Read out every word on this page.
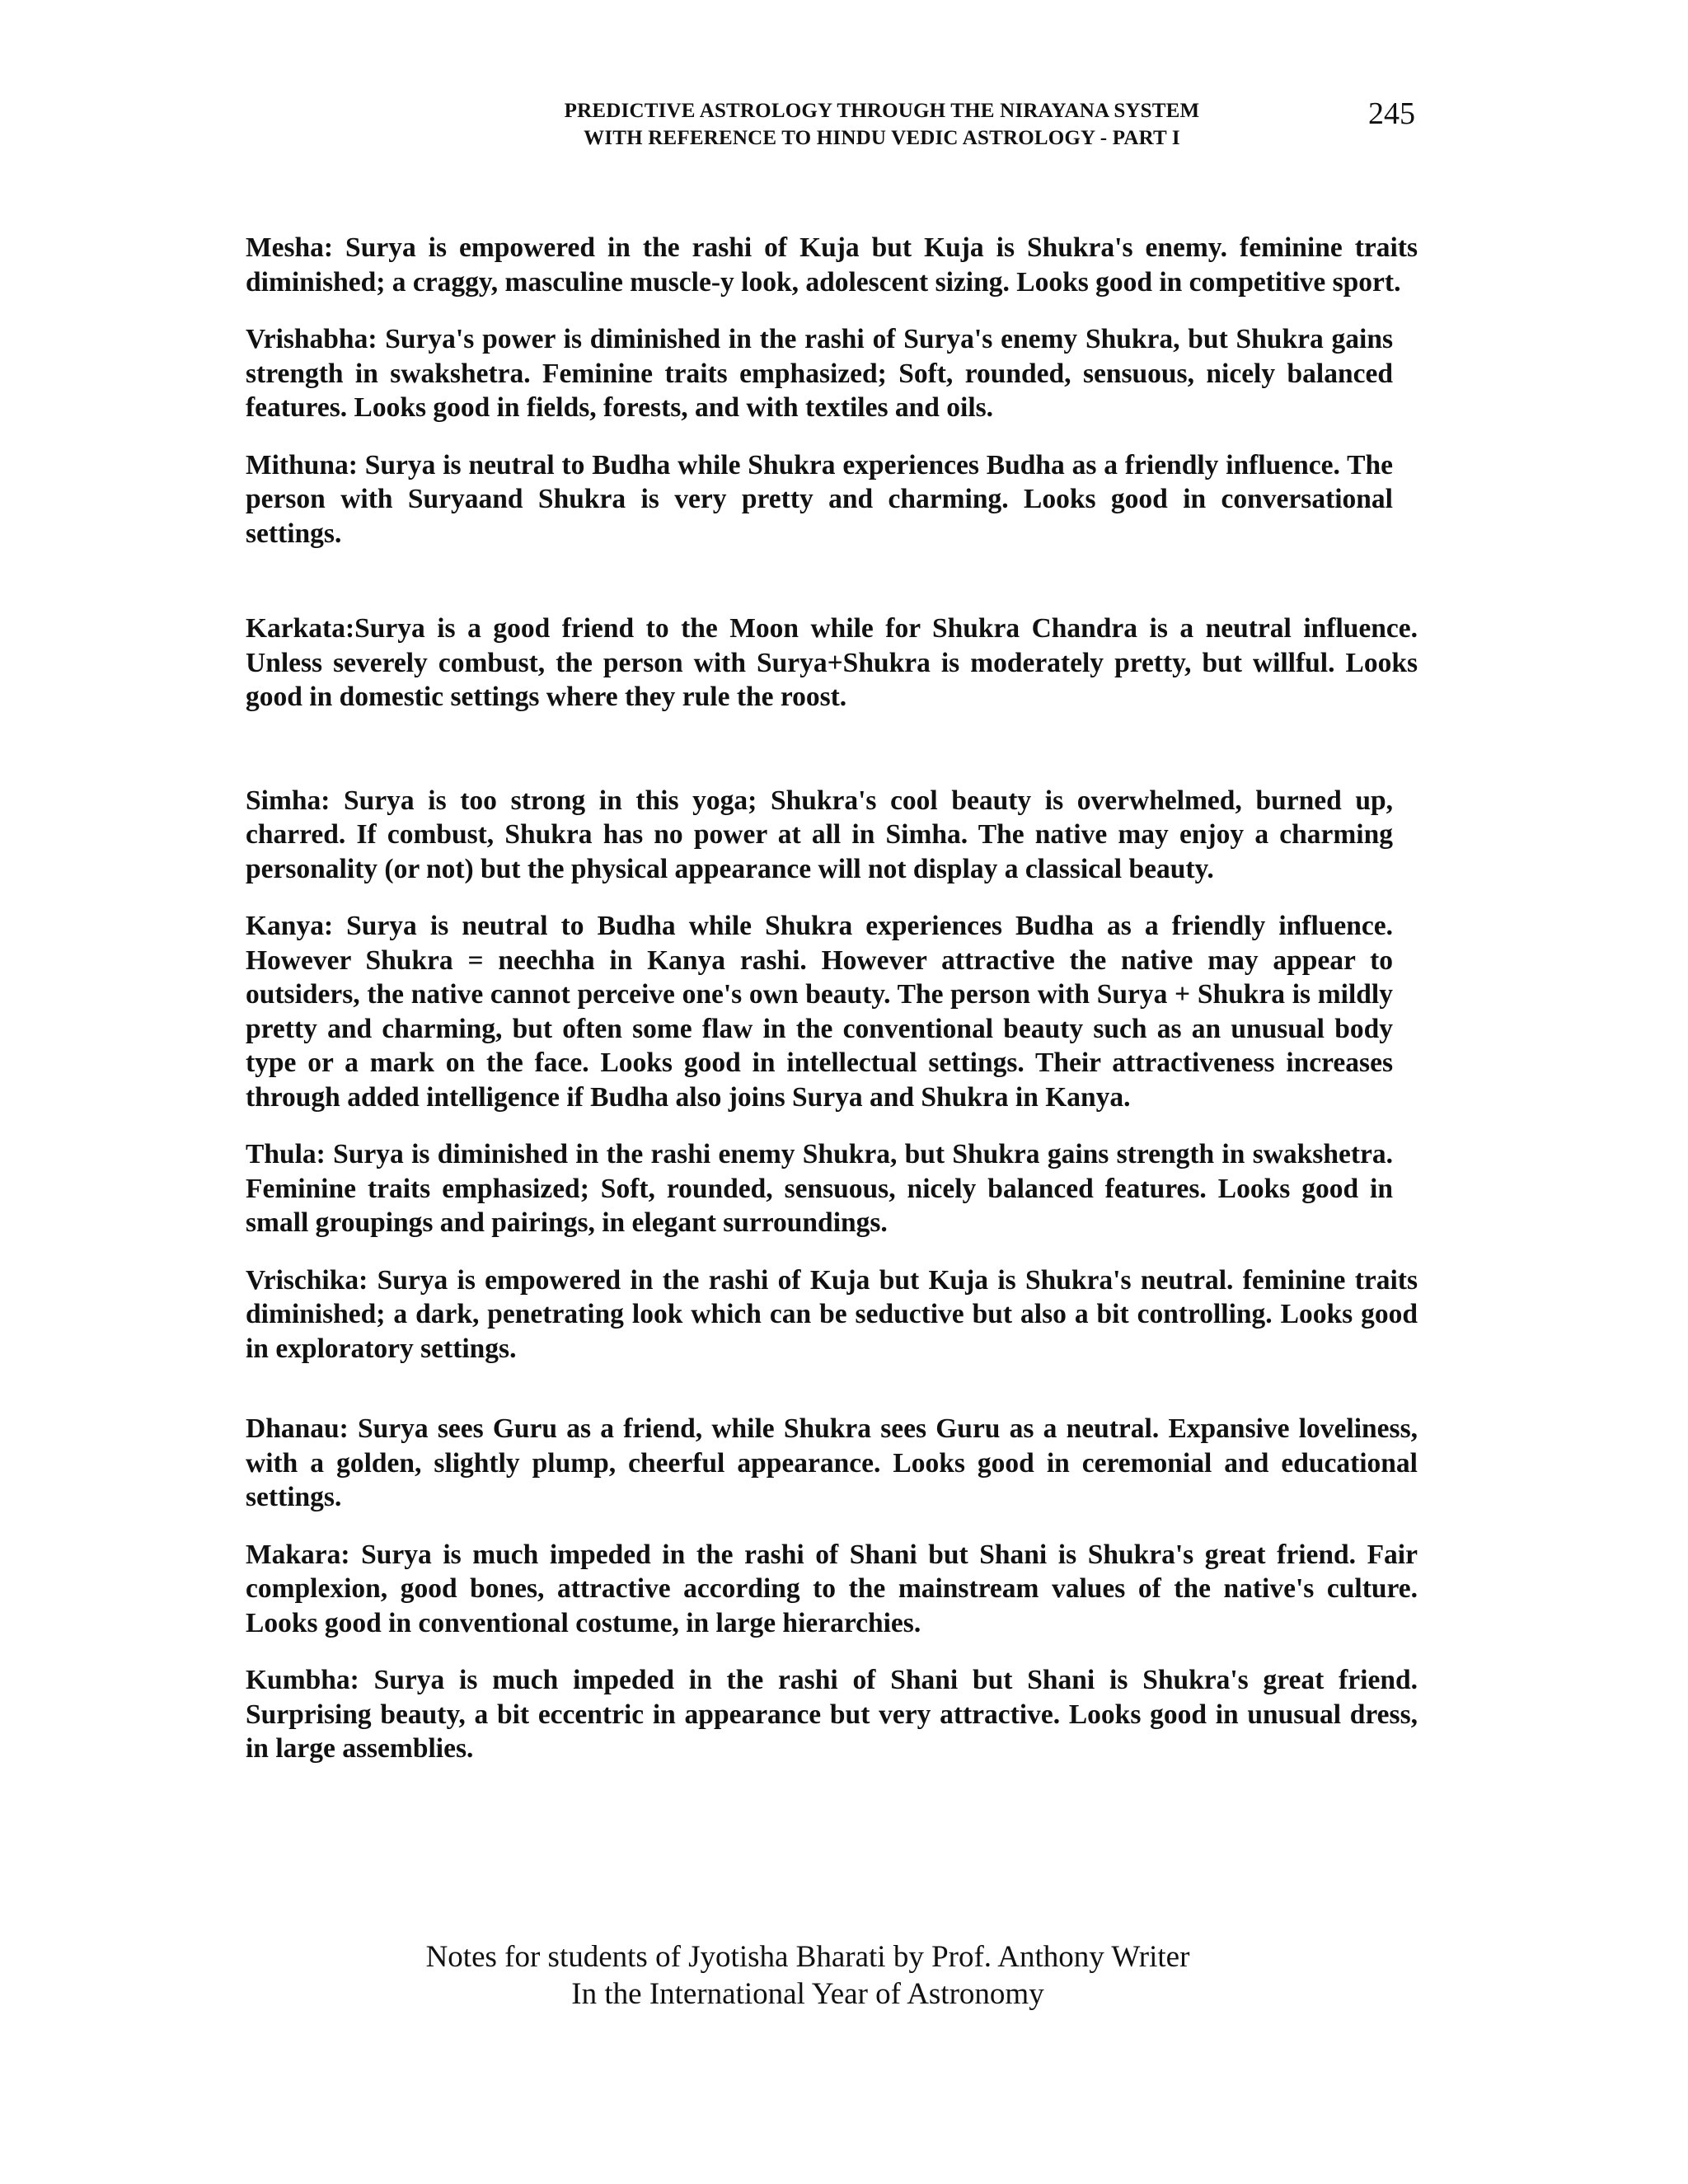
PREDICTIVE ASTROLOGY THROUGH THE NIRAYANA SYSTEM
WITH REFERENCE TO HINDU VEDIC ASTROLOGY - PART I
245

Mesha: Surya is empowered in the rashi of Kuja but Kuja is Shukra's enemy. feminine traits diminished; a craggy, masculine muscle-y look, adolescent sizing. Looks good in competitive sport.

Vrishabha: Surya's power is diminished in the rashi of Surya's enemy Shukra, but Shukra gains strength in swakshetra. Feminine traits emphasized; Soft, rounded, sensuous, nicely balanced features. Looks good in fields, forests, and with textiles and oils.

Mithuna: Surya is neutral to Budha while Shukra experiences Budha as a friendly influence. The person with Suryaand Shukra is very pretty and charming. Looks good in conversational settings.

Karkata:Surya is a good friend to the Moon while for Shukra Chandra is a neutral influence. Unless severely combust, the person with Surya+Shukra is moderately pretty, but willful. Looks good in domestic settings where they rule the roost.

Simha: Surya is too strong in this yoga; Shukra's cool beauty is overwhelmed, burned up, charred. If combust, Shukra has no power at all in Simha. The native may enjoy a charming personality (or not) but the physical appearance will not display a classical beauty.

Kanya: Surya is neutral to Budha while Shukra experiences Budha as a friendly influence. However Shukra = neechha in Kanya rashi. However attractive the native may appear to outsiders, the native cannot perceive one's own beauty. The person with Surya + Shukra is mildly pretty and charming, but often some flaw in the conventional beauty such as an unusual body type or a mark on the face. Looks good in intellectual settings. Their attractiveness increases through added intelligence if Budha also joins Surya and Shukra in Kanya.

Thula: Surya is diminished in the rashi enemy Shukra, but Shukra gains strength in swakshetra. Feminine traits emphasized; Soft, rounded, sensuous, nicely balanced features. Looks good in small groupings and pairings, in elegant surroundings.

Vrischika: Surya is empowered in the rashi of Kuja but Kuja is Shukra's neutral. feminine traits diminished; a dark, penetrating look which can be seductive but also a bit controlling. Looks good in exploratory settings.

Dhanau: Surya sees Guru as a friend, while Shukra sees Guru as a neutral. Expansive loveliness, with a golden, slightly plump, cheerful appearance. Looks good in ceremonial and educational settings.

Makara: Surya is much impeded in the rashi of Shani but Shani is Shukra's great friend. Fair complexion, good bones, attractive according to the mainstream values of the native's culture. Looks good in conventional costume, in large hierarchies.

Kumbha: Surya is much impeded in the rashi of Shani but Shani is Shukra's great friend. Surprising beauty, a bit eccentric in appearance but very attractive. Looks good in unusual dress, in large assemblies.

Notes for students of Jyotisha Bharati by Prof. Anthony Writer
In the International Year of Astronomy
